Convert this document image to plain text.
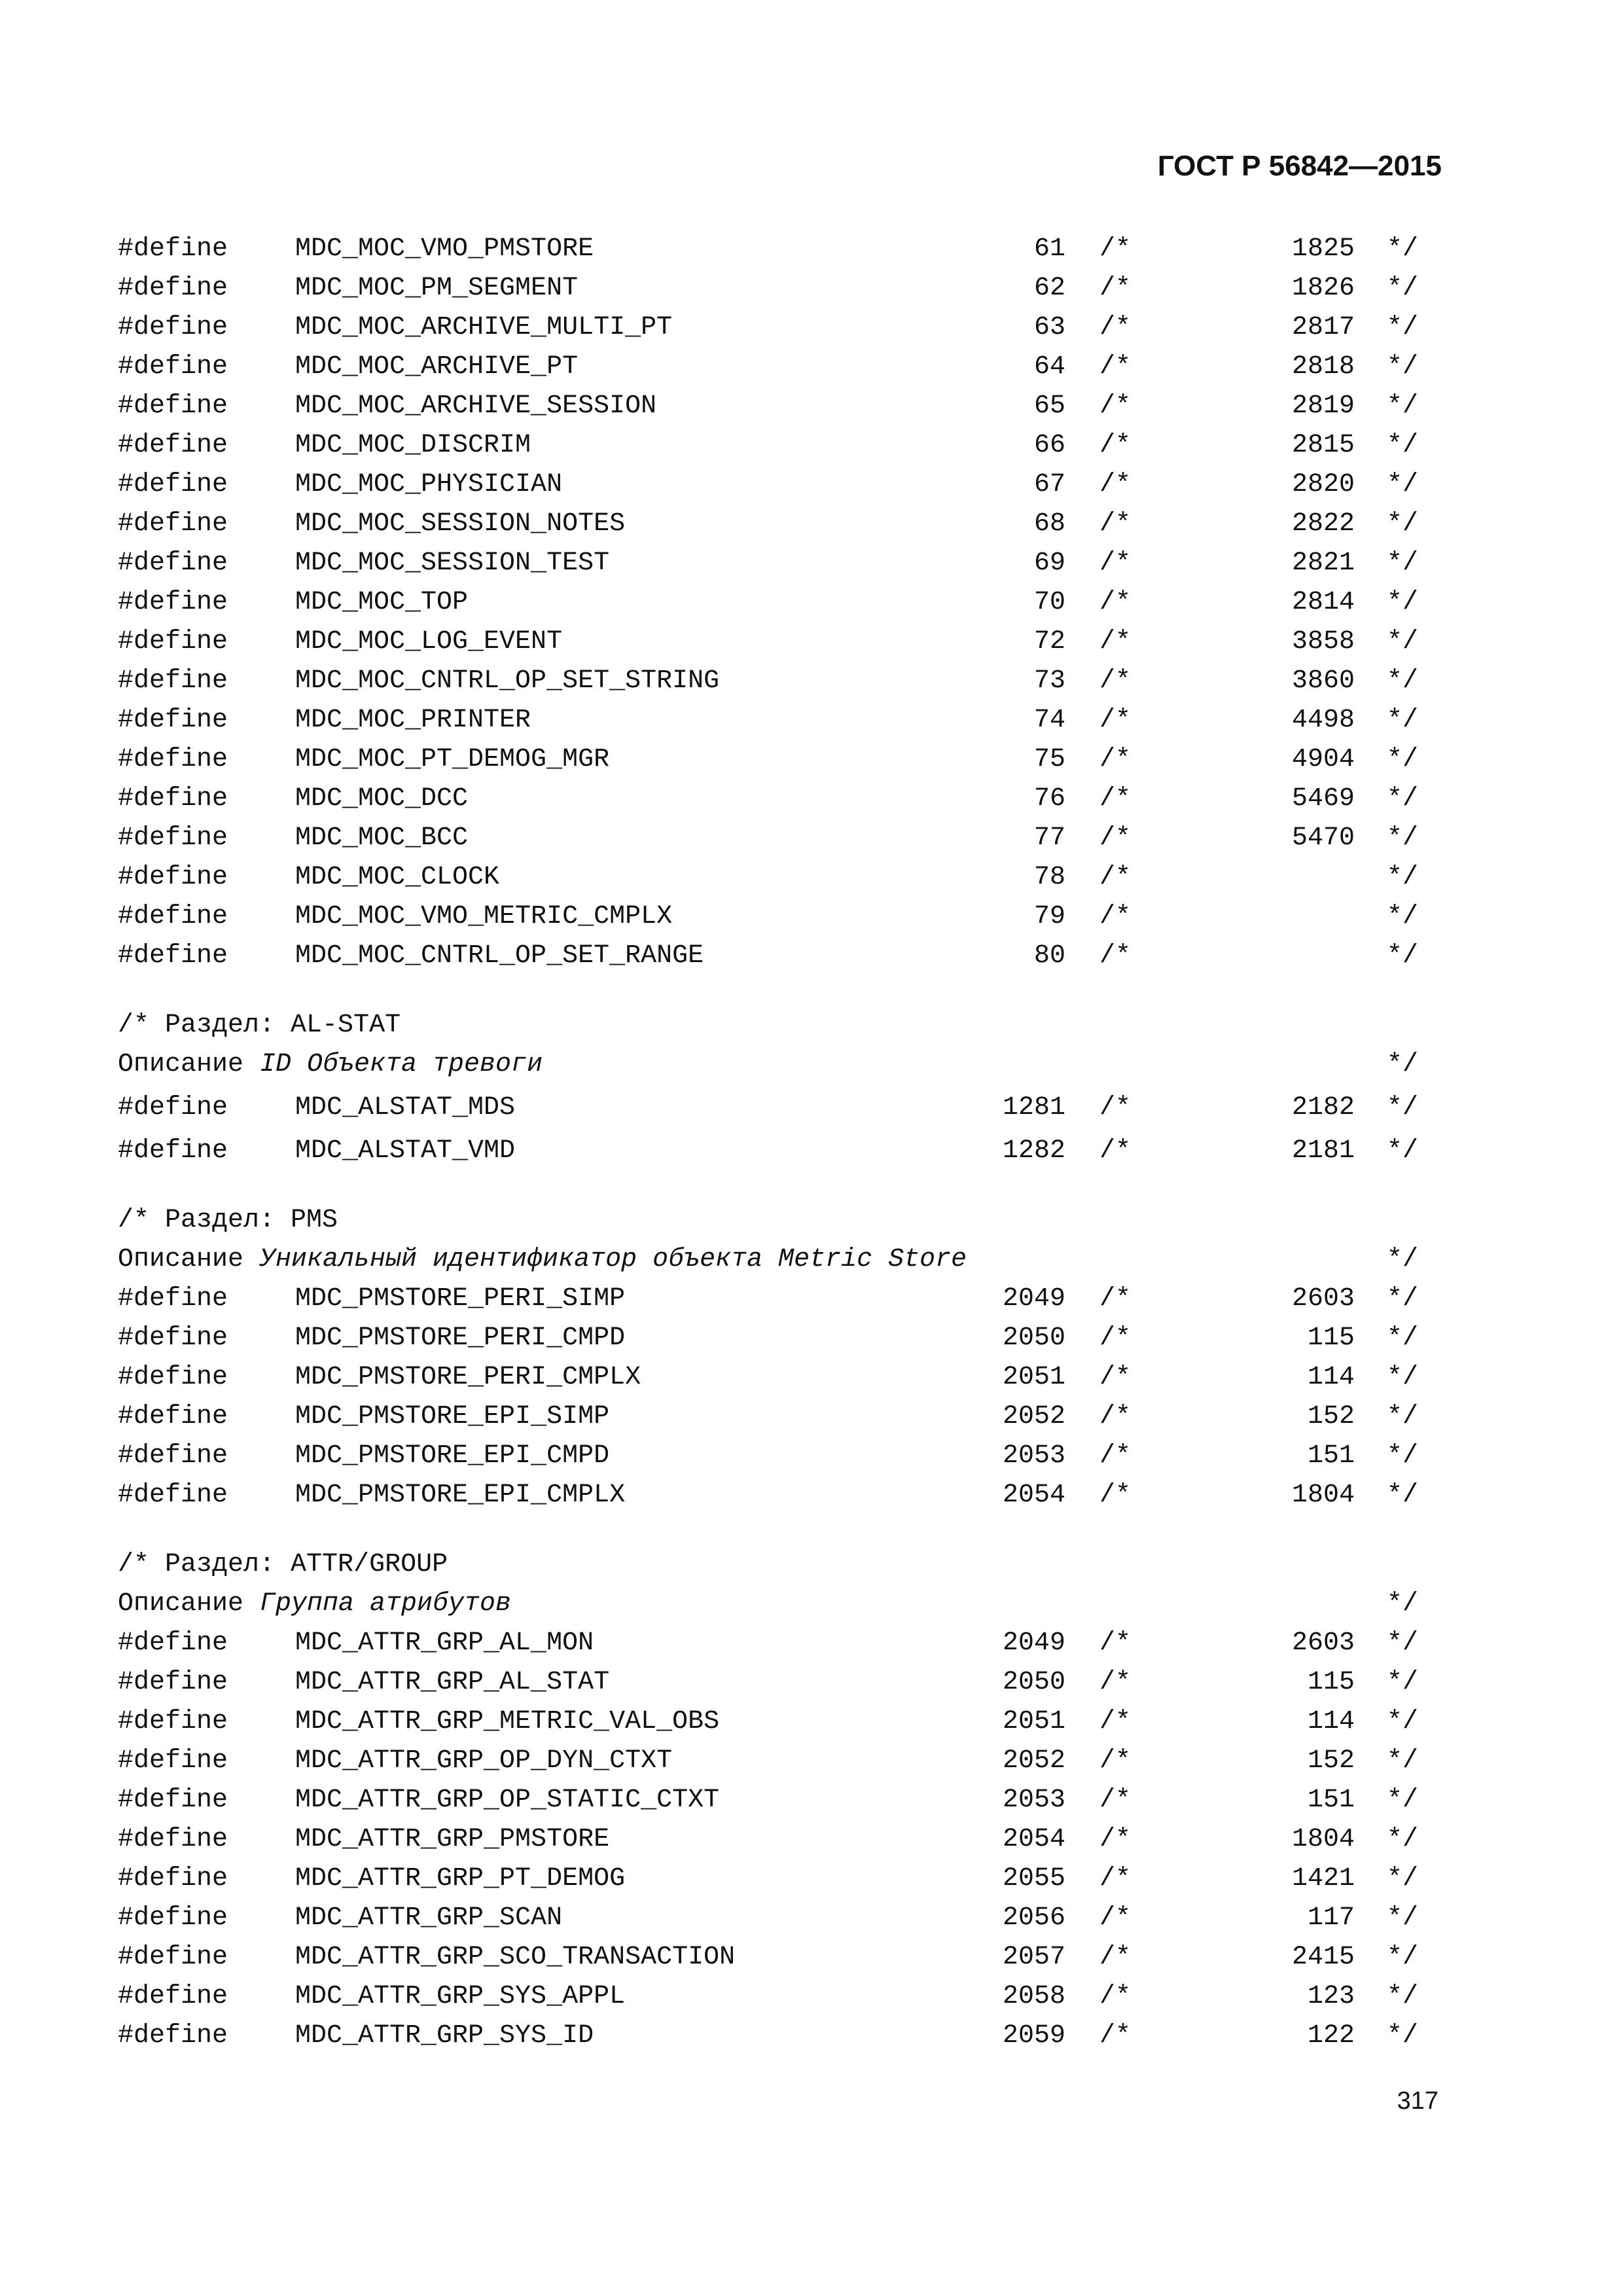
ГОСТ Р 56842—2015
#define	MDC_MOC_VMO_PMSTORE	61 /*	1825 */
#define	MDC_MOC_PM_SEGMENT	62 /*	1826 */
#define	MDC_MOC_ARCHIVE_MULTI_PT	63 /*	2817 */
#define	MDC_MOC_ARCHIVE_PT	64 /*	2818 */
#define	MDC_MOC_ARCHIVE_SESSION	65 /*	2819 */
#define	MDC_MOC_DISCRIM	66 /*	2815 */
#define	MDC_MOC_PHYSICIAN	67 /*	2820 */
#define	MDC_MOC_SESSION_NOTES	68 /*	2822 */
#define	MDC_MOC_SESSION_TEST	69 /*	2821 */
#define	MDC_MOC_TOP	70 /*	2814 */
#define	MDC_MOC_LOG_EVENT	72 /*	3858 */
#define	MDC_MOC_CNTRL_OP_SET_STRING	73 /*	3860 */
#define	MDC_MOC_PRINTER	74 /*	4498 */
#define	MDC_MOC_PT_DEMOG_MGR	75 /*	4904 */
#define	MDC_MOC_DCC	76 /*	5469 */
#define	MDC_MOC_BCC	77 /*	5470 */
#define	MDC_MOC_CLOCK	78 /*	*/
#define	MDC_MOC_VMO_METRIC_CMPLX	79 /*	*/
#define	MDC_MOC_CNTRL_OP_SET_RANGE	80 /*	*/
/* Раздел: AL-STAT
Описание ID Объекта тревоги	*/
#define	MDC_ALSTAT_MDS	1281 /*	2182 */
#define	MDC_ALSTAT_VMD	1282 /*	2181 */
/* Раздел: PMS
Описание Уникальный идентификатор объекта Metric Store	*/
#define	MDC_PMSTORE_PERI_SIMP	2049 /*	2603 */
#define	MDC_PMSTORE_PERI_CMPD	2050 /*	115 */
#define	MDC_PMSTORE_PERI_CMPLX	2051 /*	114 */
#define	MDC_PMSTORE_EPI_SIMP	2052 /*	152 */
#define	MDC_PMSTORE_EPI_CMPD	2053 /*	151 */
#define	MDC_PMSTORE_EPI_CMPLX	2054 /*	1804 */
/* Раздел: ATTR/GROUP
Описание Группа атрибутов	*/
#define	MDC_ATTR_GRP_AL_MON	2049 /*	2603 */
#define	MDC_ATTR_GRP_AL_STAT	2050 /*	115 */
#define	MDC_ATTR_GRP_METRIC_VAL_OBS	2051 /*	114 */
#define	MDC_ATTR_GRP_OP_DYN_CTXT	2052 /*	152 */
#define	MDC_ATTR_GRP_OP_STATIC_CTXT	2053 /*	151 */
#define	MDC_ATTR_GRP_PMSTORE	2054 /*	1804 */
#define	MDC_ATTR_GRP_PT_DEMOG	2055 /*	1421 */
#define	MDC_ATTR_GRP_SCAN	2056 /*	117 */
#define	MDC_ATTR_GRP_SCO_TRANSACTION	2057 /*	2415 */
#define	MDC_ATTR_GRP_SYS_APPL	2058 /*	123 */
#define	MDC_ATTR_GRP_SYS_ID	2059 /*	122 */
317
